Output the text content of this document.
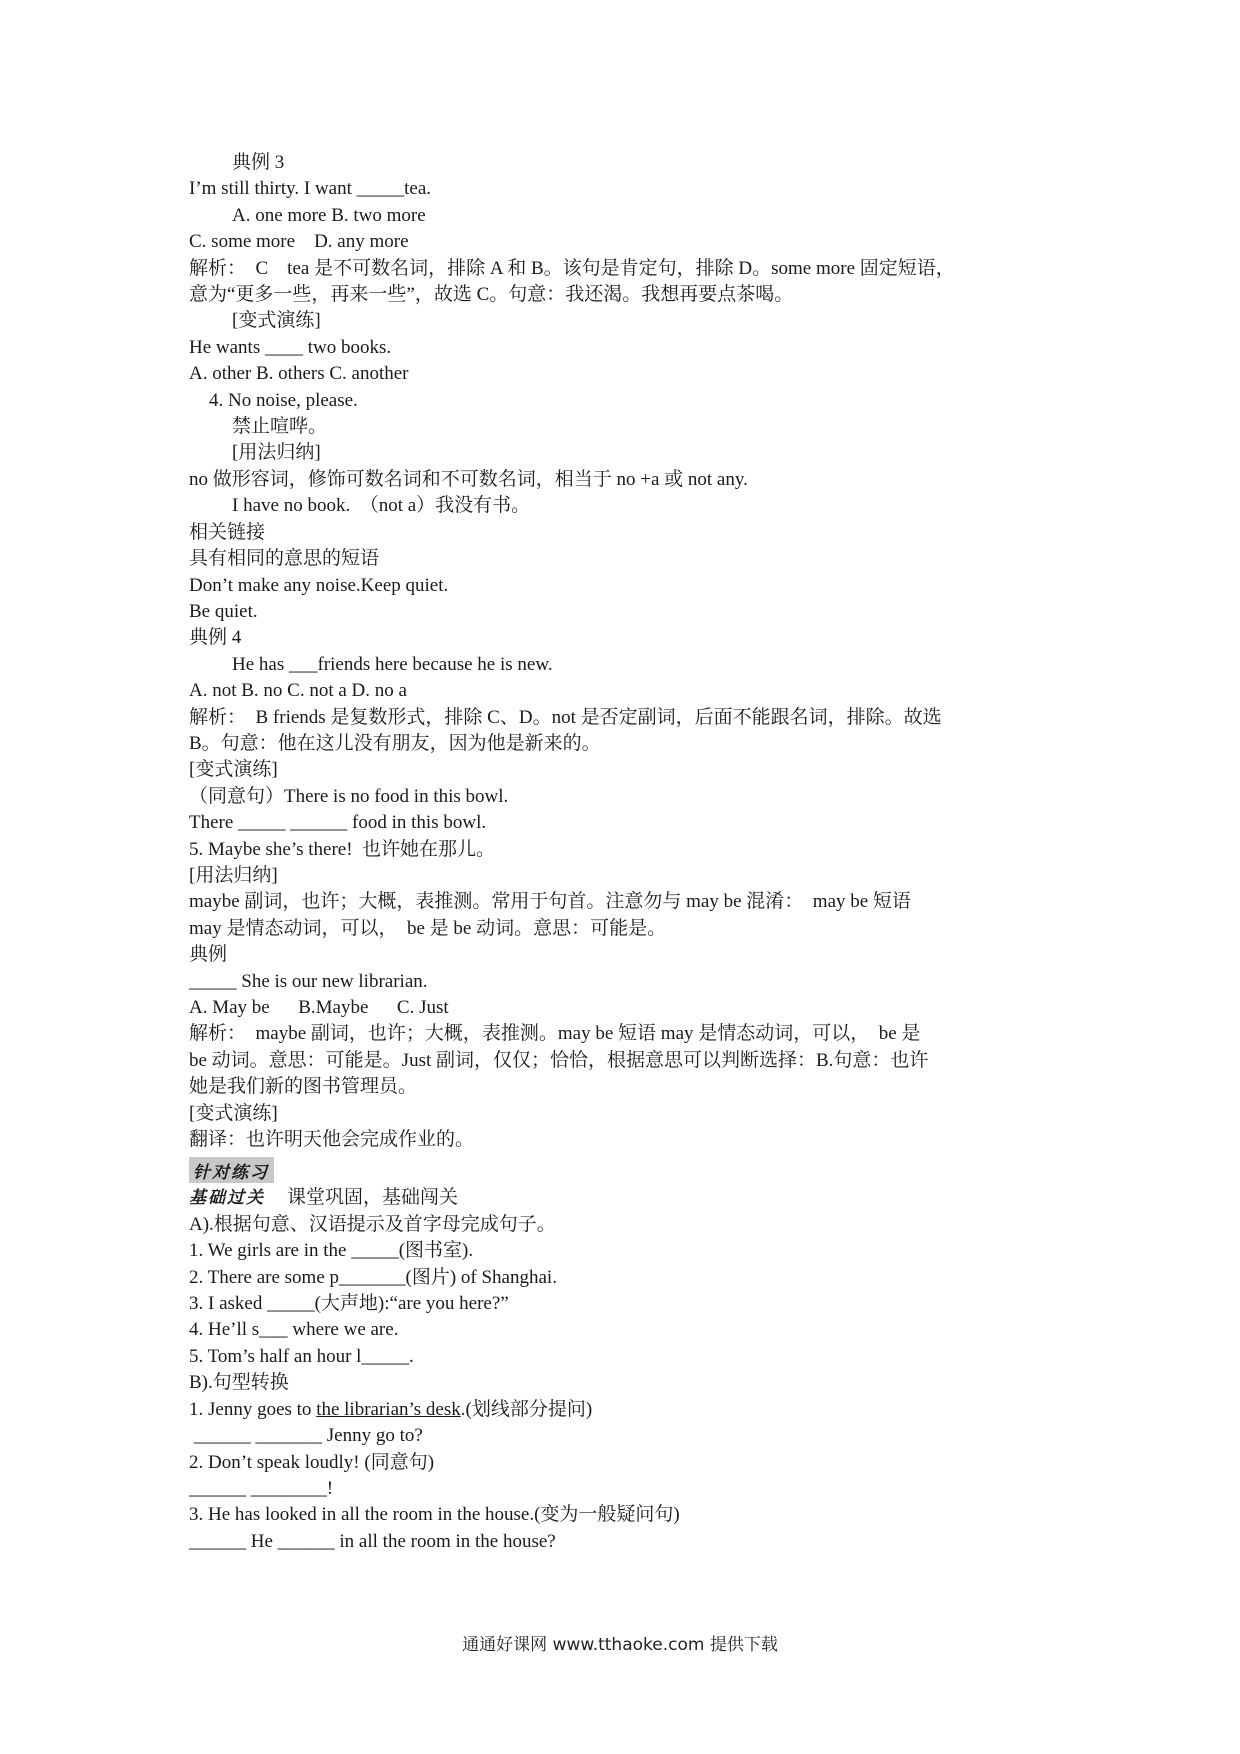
典例 3

I’m still thirty. I want _____tea.

A. one more B. two more

C. some more    D. any more

解析：  C    tea 是不可数名词，排除 A 和 B。该句是肯定句，排除 D。some more 固定短语，

意为“更多一些，再来一些”，故选 C。句意：我还渴。我想再要点茶喝。

[变式演练]

He wants ____ two books.

A. other B. others C. another

4. No noise, please.

禁止喧哗。

[用法归纳]

no 做形容词，修饰可数名词和不可数名词，相当于 no +a 或 not any.

I have no book.  （not a）我没有书。

相关链接

具有相同的意思的短语

Don’t make any noise.Keep quiet.

Be quiet.

典例 4

He has ___friends here because he is new.

A. not B. no C. not a D. no a

解析：  B friends 是复数形式，排除 C、D。not 是否定副词，后面不能跟名词，排除。故选

B。句意：他在这儿没有朋友，因为他是新来的。

[变式演练]

（同意句）There is no food in this bowl.

There _____ ______ food in this bowl.

5. Maybe she’s there!  也许她在那儿。

[用法归纳]

maybe 副词，也许；大概，表推测。常用于句首。注意勿与 may be 混淆：  may be 短语

may 是情态动词，可以，  be 是 be 动词。意思：可能是。

典例

_____ She is our new librarian.

A. May be      B.Maybe      C. Just

解析：  maybe 副词，也许；大概，表推测。may be 短语 may 是情态动词，可以，  be 是

be 动词。意思：可能是。Just 副词，仅仅；恰恰，根据意思可以判断选择：B.句意：也许

她是我们新的图书管理员。

[变式演练]

翻译：也许明天他会完成作业的。

针对练习

基础过关 课堂巩固，基础闯关

A).根据句意、汉语提示及首字母完成句子。

1. We girls are in the _____(图书室).

2. There are some p_______(图片) of Shanghai.

3. I asked _____(大声地):“are you here?”

4. He’ll s___ where we are.

5. Tom’s half an hour l_____.

B).句型转换

1. Jenny goes to the librarian’s desk.(划线部分提问)

______ _______ Jenny go to?

2. Don’t speak loudly! (同意句)

______ ________!

3. He has looked in all the room in the house.(变为一般疑问句)

______ He ______ in all the room in the house?

通通好课网 www.tthaoke.com 提供下载
